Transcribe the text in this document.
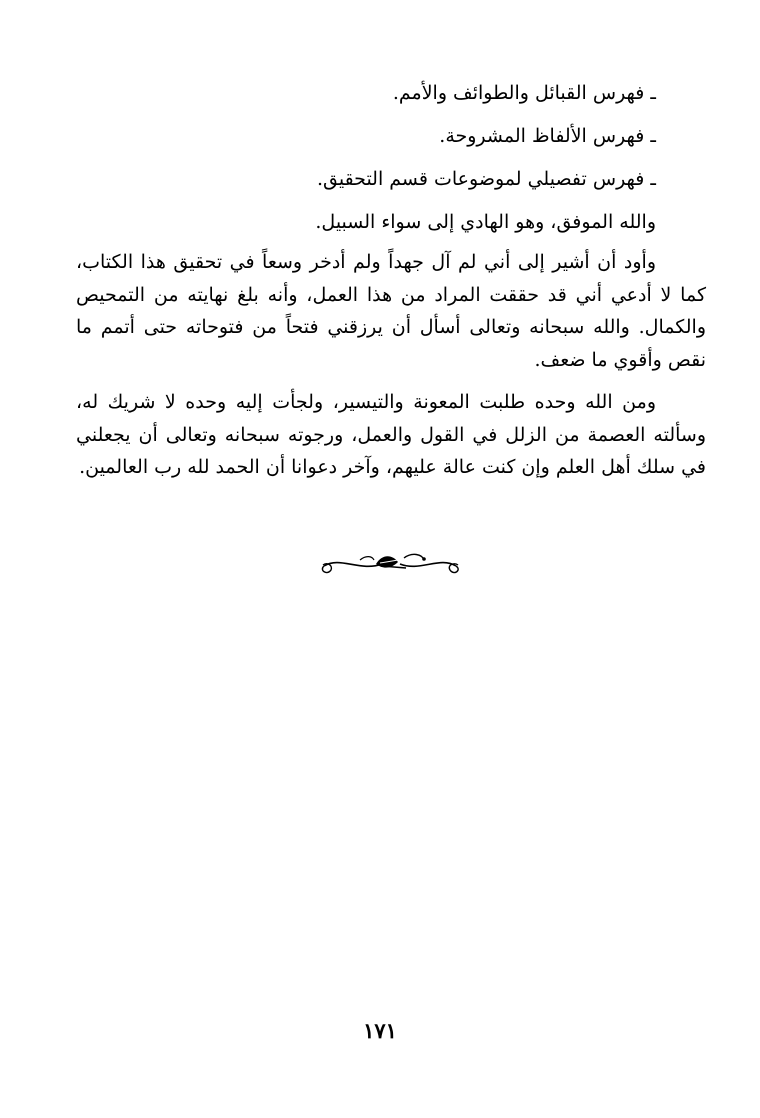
ـ فهرس القبائل والطوائف والأمم.

ـ فهرس الألفاظ المشروحة.

ـ فهرس تفصيلي لموضوعات قسم التحقيق.

والله الموفق، وهو الهادي إلى سواء السبيل.

وأود أن أشير إلى أني لم آل جهداً ولم أدخر وسعاً في تحقيق هذا الكتاب، كما لا أدعي أني قد حققت المراد من هذا العمل، وأنه بلغ نهايته من التمحيص والكمال. والله سبحانه وتعالى أسأل أن يرزقني فتحاً من فتوحاته حتى أتمم ما نقص وأقوي ما ضعف.

ومن الله وحده طلبت المعونة والتيسير، ولجأت إليه وحده لا شريك له، وسألته العصمة من الزلل في القول والعمل، ورجوته سبحانه وتعالى أن يجعلني في سلك أهل العلم وإن كنت عالة عليهم، وآخر دعوانا أن الحمد لله رب العالمين.

١٧١
